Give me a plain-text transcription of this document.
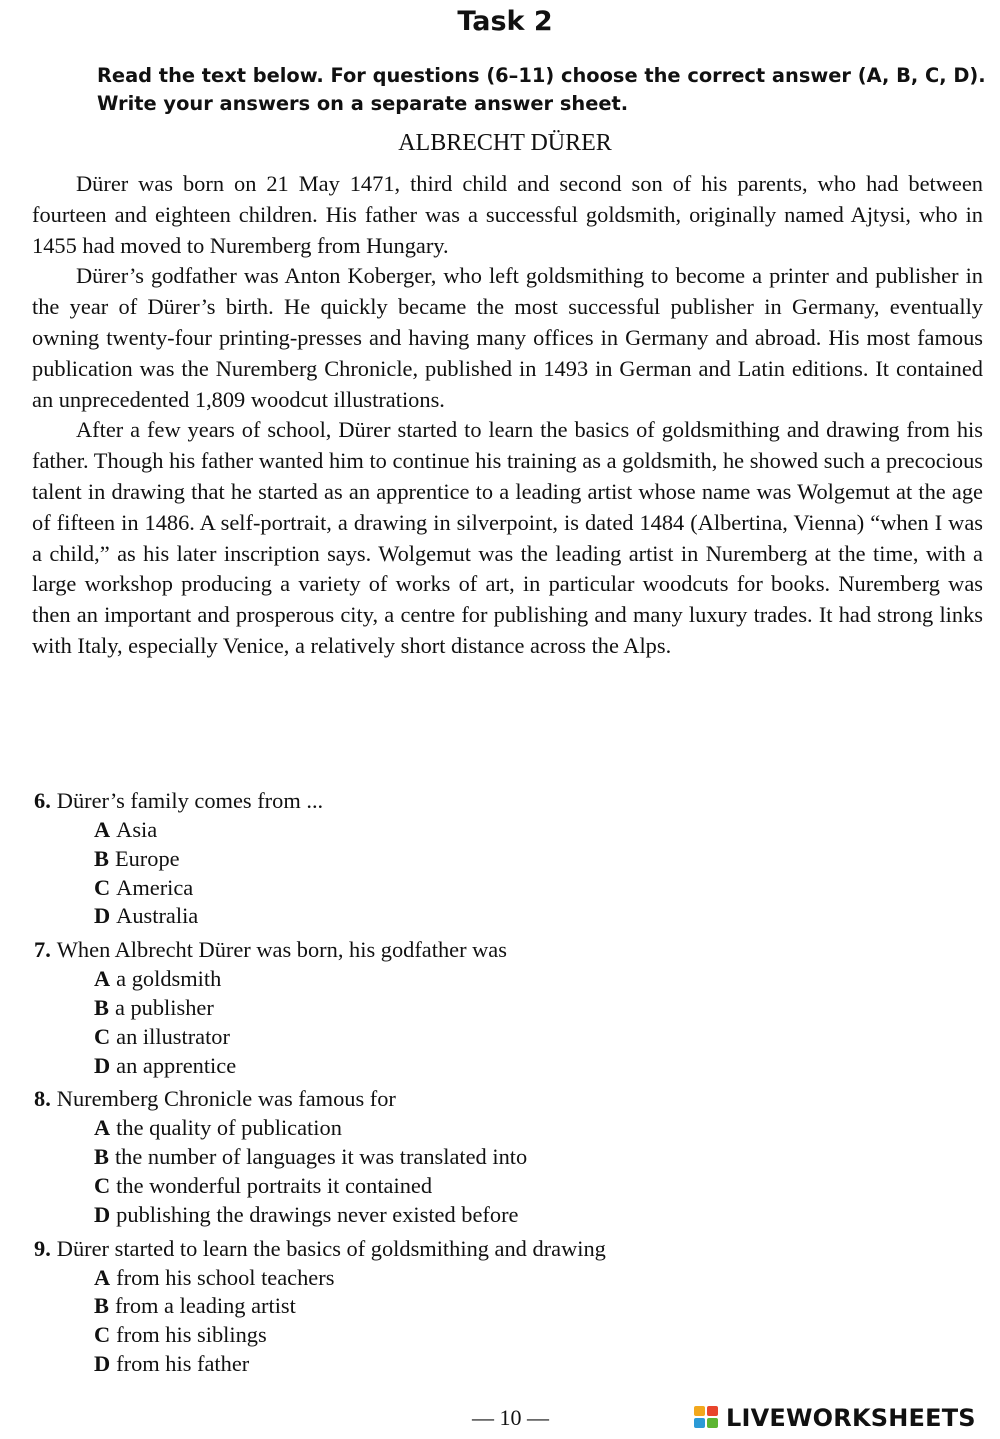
Task 2
Read the text below. For questions (6–11) choose the correct answer (A, B, C, D).
Write your answers on a separate answer sheet.
ALBRECHT DÜRER

Dürer was born on 21 May 1471, third child and second son of his parents, who had between fourteen and eighteen children. His father was a successful goldsmith, originally named Ajtysi, who in 1455 had moved to Nuremberg from Hungary.

Dürer’s godfather was Anton Koberger, who left goldsmithing to become a printer and publisher in the year of Dürer’s birth. He quickly became the most successful publisher in Germany, eventually owning twenty-four printing-presses and having many offices in Germany and abroad. His most famous publication was the Nuremberg Chronicle, published in 1493 in German and Latin editions. It contained an unprecedented 1,809 woodcut illustrations.

After a few years of school, Dürer started to learn the basics of goldsmithing and drawing from his father. Though his father wanted him to continue his training as a goldsmith, he showed such a precocious talent in drawing that he started as an apprentice to a leading artist whose name was Wolgemut at the age of fifteen in 1486. A self-portrait, a drawing in silverpoint, is dated 1484 (Albertina, Vienna) “when I was a child,” as his later inscription says. Wolgemut was the leading artist in Nuremberg at the time, with a large workshop producing a variety of works of art, in particular woodcuts for books. Nuremberg was then an important and prosperous city, a centre for publishing and many luxury trades. It had strong links with Italy, especially Venice, a relatively short distance across the Alps.

6. Dürer’s family comes from ...
A Asia
B Europe
C America
D Australia
7. When Albrecht Dürer was born, his godfather was
A a goldsmith
B a publisher
C an illustrator
D an apprentice
8. Nuremberg Chronicle was famous for
A the quality of publication
B the number of languages it was translated into
C the wonderful portraits it contained
D publishing the drawings never existed before
9. Dürer started to learn the basics of goldsmithing and drawing
A from his school teachers
B from a leading artist
C from his siblings
D from his father
— 10 —	LIVEWORKSHEETS
